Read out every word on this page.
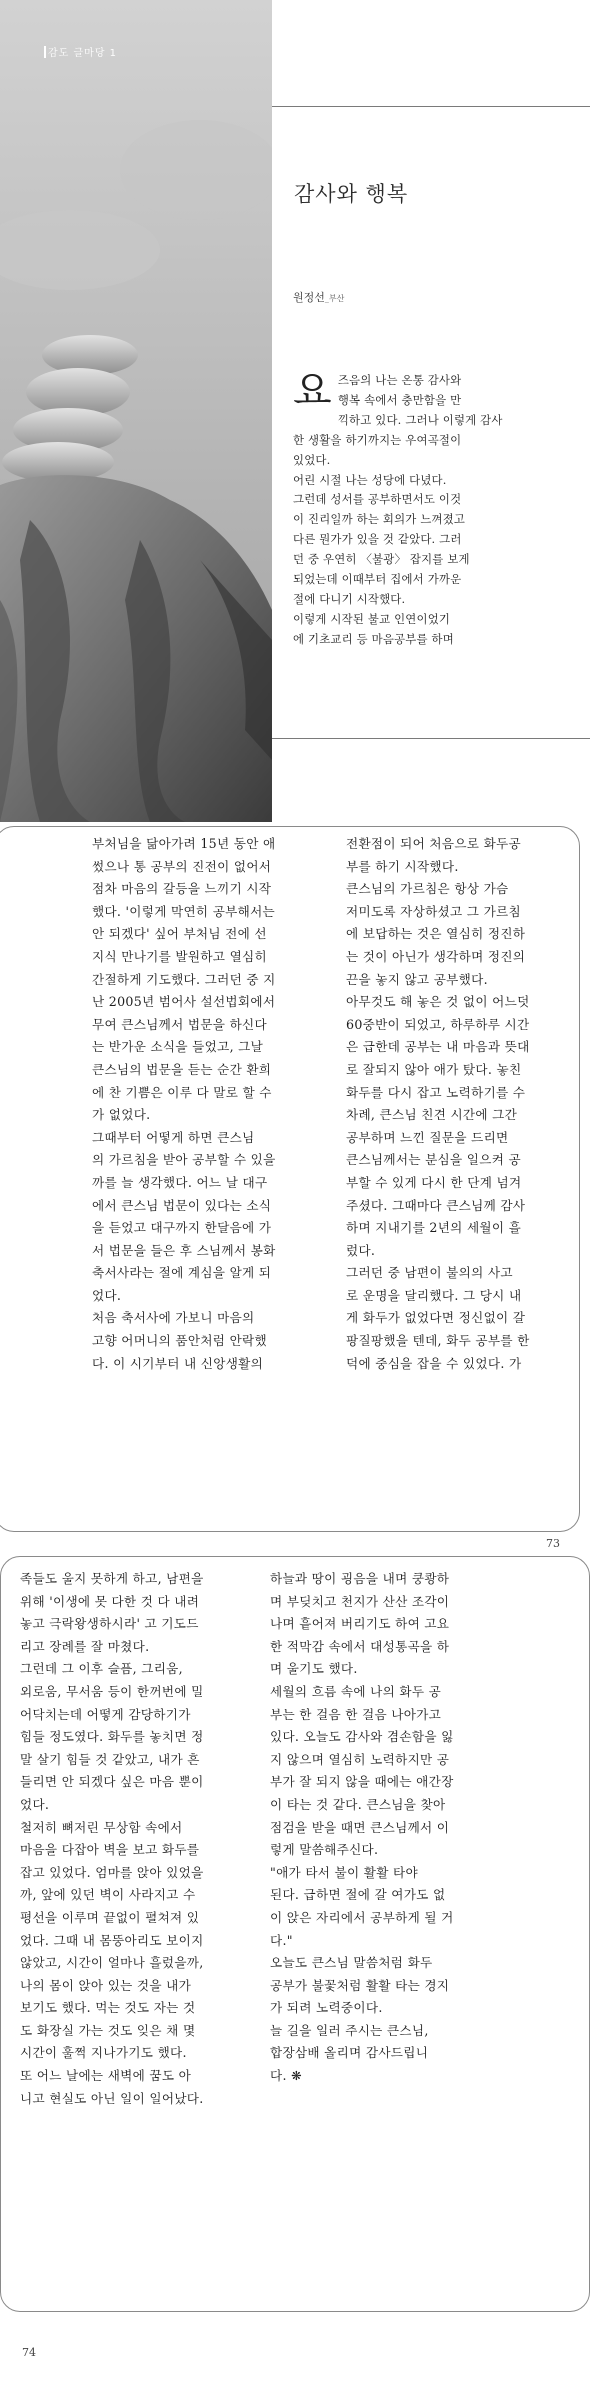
감도 글마당 1
감사와 행복
원정선_부산
요 즈음의 나는 온통 감사와
행복 속에서 충만함을 만
끽하고 있다. 그러나 이렇게 감사
한 생활을 하기까지는 우여곡절이
있었다.
어린 시절 나는 성당에 다녔다.
그런데 성서를 공부하면서도 이것
이 진리일까 하는 회의가 느껴졌고
다른 뭔가가 있을 것 같았다. 그러
던 중 우연히 〈불광〉 잡지를 보게
되었는데 이때부터 집에서 가까운
절에 다니기 시작했다.
이렇게 시작된 불교 인연이었기
에 기초교리 등 마음공부를 하며

부처님을 닮아가려 15년 동안 애

썼으나 통 공부의 진전이 없어서

점차 마음의 갈등을 느끼기 시작

했다. '이렇게 막연히 공부해서는

안 되겠다' 싶어 부처님 전에 선

지식 만나기를 발원하고 열심히

간절하게 기도했다. 그러던 중 지

난 2005년 범어사 설선법회에서

무여 큰스님께서 법문을 하신다

는 반가운 소식을 들었고, 그날

큰스님의 법문을 듣는 순간 환희

에 찬 기쁨은 이루 다 말로 할 수

가 없었다.

그때부터 어떻게 하면 큰스님

의 가르침을 받아 공부할 수 있을

까를 늘 생각했다. 어느 날 대구

에서 큰스님 법문이 있다는 소식

을 듣었고 대구까지 한달음에 가

서 법문을 들은 후 스님께서 봉화

축서사라는 절에 계심을 알게 되

었다.

처음 축서사에 가보니 마음의

고향 어머니의 품안처럼 안락했

다. 이 시기부터 내 신앙생활의

전환점이 되어 처음으로 화두공

부를 하기 시작했다.

큰스님의 가르침은 항상 가슴

저미도록 자상하셨고 그 가르침

에 보답하는 것은 열심히 정진하

는 것이 아닌가 생각하며 정진의

끈을 놓지 않고 공부했다.

아무것도 해 놓은 것 없이 어느덧

60중반이 되었고, 하루하루 시간

은 급한데 공부는 내 마음과 뜻대

로 잘되지 않아 애가 탔다. 놓친

화두를 다시 잡고 노력하기를 수

차례, 큰스님 친견 시간에 그간

공부하며 느낀 질문을 드리면

큰스님께서는 분심을 일으켜 공

부할 수 있게 다시 한 단계 넘겨

주셨다. 그때마다 큰스님께 감사

하며 지내기를 2년의 세월이 흘

렀다.

그러던 중 남편이 불의의 사고

로 운명을 달리했다. 그 당시 내

게 화두가 없었다면 정신없이 갈

팡질팡했을 텐데, 화두 공부를 한

덕에 중심을 잡을 수 있었다. 가

73

족들도 울지 못하게 하고, 남편을

위해 '이생에 못 다한 것 다 내려

놓고 극락왕생하시라' 고 기도드

리고 장례를 잘 마쳤다.

그런데 그 이후 슬픔, 그리움,

외로움, 무서움 등이 한꺼번에 밀

어닥치는데 어떻게 감당하기가

힘들 정도였다. 화두를 놓치면 정

말 살기 힘들 것 같았고, 내가 흔

들리면 안 되겠다 싶은 마음 뿐이

었다.

철저히 뼈저린 무상함 속에서

마음을 다잡아 벽을 보고 화두를

잡고 있었다. 엄마를 앉아 있었을

까, 앞에 있던 벽이 사라지고 수

평선을 이루며 끝없이 펼쳐져 있

었다. 그때 내 몸뚱아리도 보이지

않았고, 시간이 얼마나 흘렀을까,

나의 몸이 앉아 있는 것을 내가

보기도 했다. 먹는 것도 자는 것

도 화장실 가는 것도 잊은 채 몇

시간이 훌쩍 지나가기도 했다.

또 어느 날에는 새벽에 꿈도 아

니고 현실도 아닌 일이 일어났다.

하늘과 땅이 굉음을 내며 쿵쾅하

며 부딪치고 천지가 산산 조각이

나며 흩어져 버리기도 하여 고요

한 적막감 속에서 대성통곡을 하

며 울기도 했다.

세월의 흐름 속에 나의 화두 공

부는 한 걸음 한 걸음 나아가고

있다. 오늘도 감사와 겸손함을 잃

지 않으며 열심히 노력하지만 공

부가 잘 되지 않을 때에는 애간장

이 타는 것 같다. 큰스님을 찾아

점검을 받을 때면 큰스님께서 이

렇게 말씀해주신다.

"애가 타서 불이 활활 타야

된다. 급하면 절에 갈 여가도 없

이 앉은 자리에서 공부하게 될 거

다."

오늘도 큰스님 말씀처럼 화두

공부가 불꽃처럼 활활 타는 경지

가 되려 노력중이다.

늘 길을 일러 주시는 큰스님,

합장삼배 올리며 감사드립니

다. ❋

74
